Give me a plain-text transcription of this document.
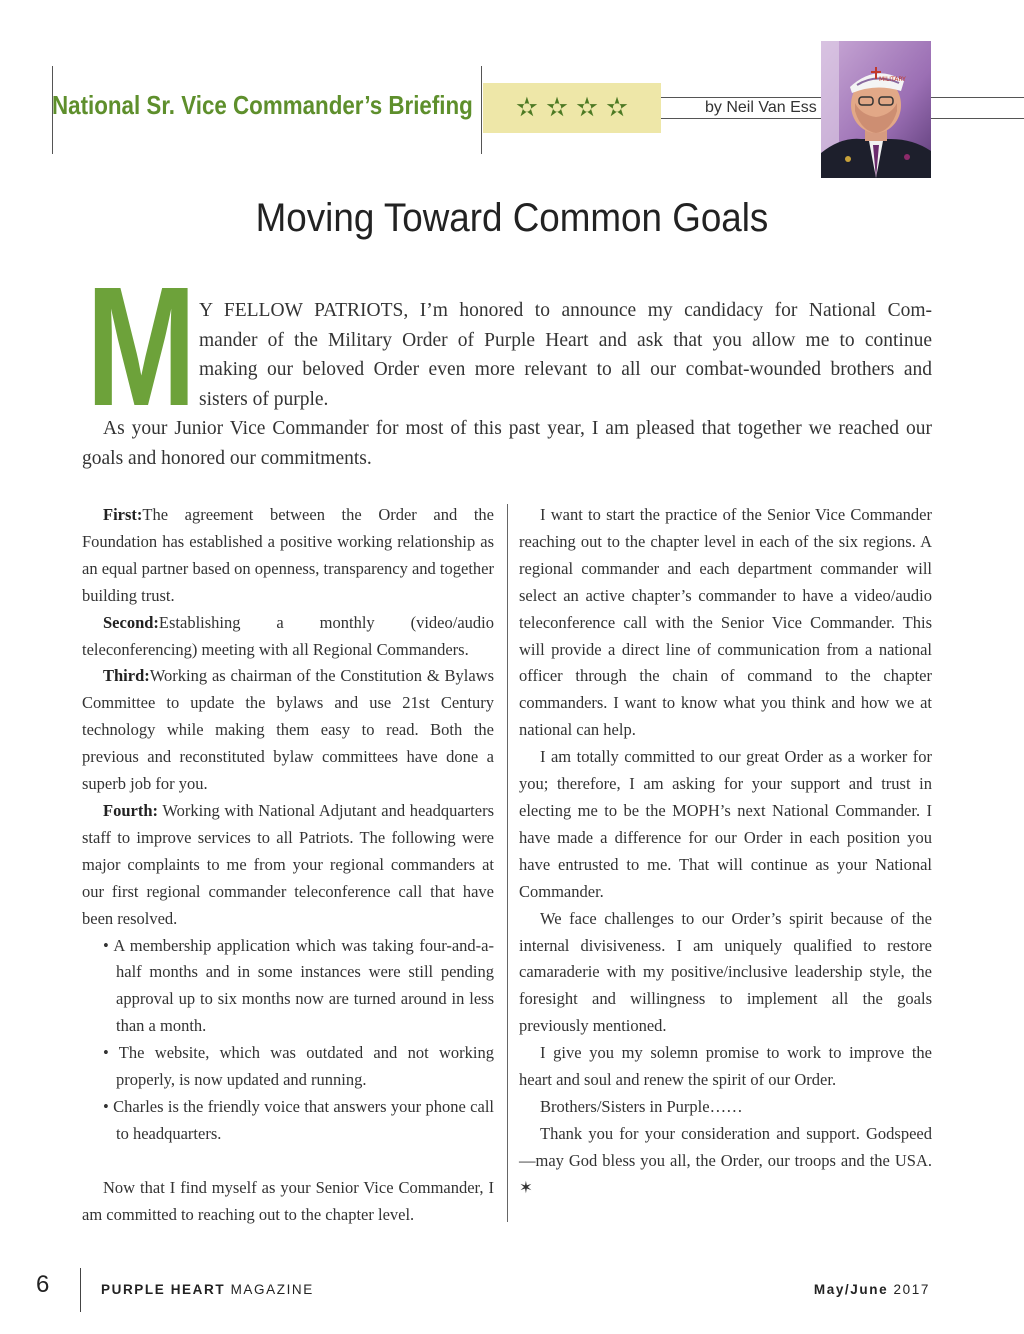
National Sr. Vice Commander’s Briefing ✫ ✫ ✫ ✫	by Neil Van Ess
MILITARY
Moving Toward Common Goals
M Y FELLOW PATRIOTS, I’m honored to announce my candidacy for National Com-

mander of the Military Order of Purple Heart and ask that you allow me to continue

making our beloved Order even more relevant to all our combat-wounded brothers and

sisters of purple.

As your Junior Vice Commander for most of this past year, I am pleased that together we reached our goals and honored our commitments.

First:The agreement between the Order and the Foundation has established a positive working relationship as an equal partner based on openness, transparency and together building trust.

Second:Establishing a monthly (video/audio teleconferencing) meeting with all Regional Commanders.

Third:Working as chairman of the Constitution & Bylaws Committee to update the bylaws and use 21st Century technology while making them easy to read. Both the previous and reconstituted bylaw committees have done a superb job for you.

Fourth: Working with National Adjutant and headquarters staff to improve services to all Patriots. The following were major complaints to me from your regional commanders at our first regional commander teleconference call that have been resolved.

• A membership application which was taking four-and-a-half months and in some instances were still pending approval up to six months now are turned around in less than a month.

• The website, which was outdated and not working properly, is now updated and running.

• Charles is the friendly voice that answers your phone call to headquarters.

Now that I find myself as your Senior Vice Commander, I am committed to reaching out to the chapter level.

I want to start the practice of the Senior Vice Commander reaching out to the chapter level in each of the six regions. A regional commander and each department commander will select an active chapter’s commander to have a video/audio teleconference call with the Senior Vice Commander. This will provide a direct line of communication from a national officer through the chain of command to the chapter commanders. I want to know what you think and how we at national can help.

I am totally committed to our great Order as a worker for you; therefore, I am asking for your support and trust in electing me to be the MOPH’s next National Commander. I have made a difference for our Order in each position you have entrusted to me. That will continue as your National Commander.

We face challenges to our Order’s spirit because of the internal divisiveness. I am uniquely qualified to restore camaraderie with my positive/inclusive leadership style, the foresight and willingness to implement all the goals previously mentioned.

I give you my solemn promise to work to improve the heart and soul and renew the spirit of our Order.

Brothers/Sisters in Purple……

Thank you for your consideration and support. Godspeed—may God bless you all, the Order, our troops and the USA. ✶

6	PURPLE HEART MAGAZINE	May/June 2017
